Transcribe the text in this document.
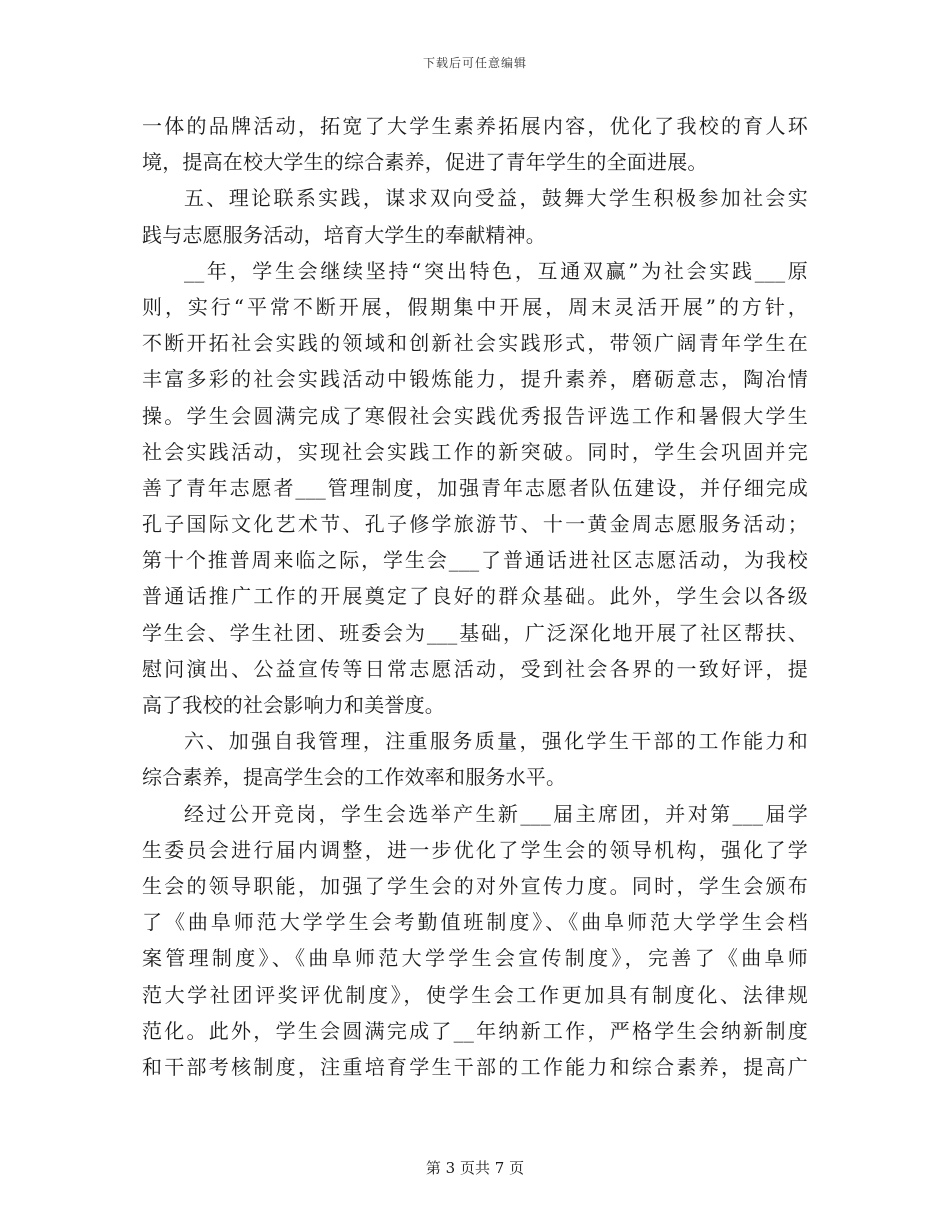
下载后可任意编辑
一体的品牌活动，拓宽了大学生素养拓展内容，优化了我校的育人环
境，提高在校大学生的综合素养，促进了青年学生的全面进展。
五、理论联系实践，谋求双向受益，鼓舞大学生积极参加社会实
践与志愿服务活动，培育大学生的奉献精神。
__年，学生会继续坚持“突出特色，互通双赢”为社会实践___原
则，实行“平常不断开展，假期集中开展，周末灵活开展”的方针，
不断开拓社会实践的领域和创新社会实践形式，带领广阔青年学生在
丰富多彩的社会实践活动中锻炼能力，提升素养，磨砺意志，陶冶情
操。学生会圆满完成了寒假社会实践优秀报告评选工作和暑假大学生
社会实践活动，实现社会实践工作的新突破。同时，学生会巩固并完
善了青年志愿者___管理制度，加强青年志愿者队伍建设，并仔细完成
孔子国际文化艺术节、孔子修学旅游节、十一黄金周志愿服务活动；
第十个推普周来临之际，学生会___了普通话进社区志愿活动，为我校
普通话推广工作的开展奠定了良好的群众基础。此外，学生会以各级
学生会、学生社团、班委会为___基础，广泛深化地开展了社区帮扶、
慰问演出、公益宣传等日常志愿活动，受到社会各界的一致好评，提
高了我校的社会影响力和美誉度。
六、加强自我管理，注重服务质量，强化学生干部的工作能力和
综合素养，提高学生会的工作效率和服务水平。
经过公开竞岗，学生会选举产生新___届主席团，并对第___届学
生委员会进行届内调整，进一步优化了学生会的领导机构，强化了学
生会的领导职能，加强了学生会的对外宣传力度。同时，学生会颁布
了《曲阜师范大学学生会考勤值班制度》、《曲阜师范大学学生会档
案管理制度》、《曲阜师范大学学生会宣传制度》，完善了《曲阜师
范大学社团评奖评优制度》，使学生会工作更加具有制度化、法律规
范化。此外，学生会圆满完成了__年纳新工作，严格学生会纳新制度
和干部考核制度，注重培育学生干部的工作能力和综合素养，提高广
第 3 页共 7 页
